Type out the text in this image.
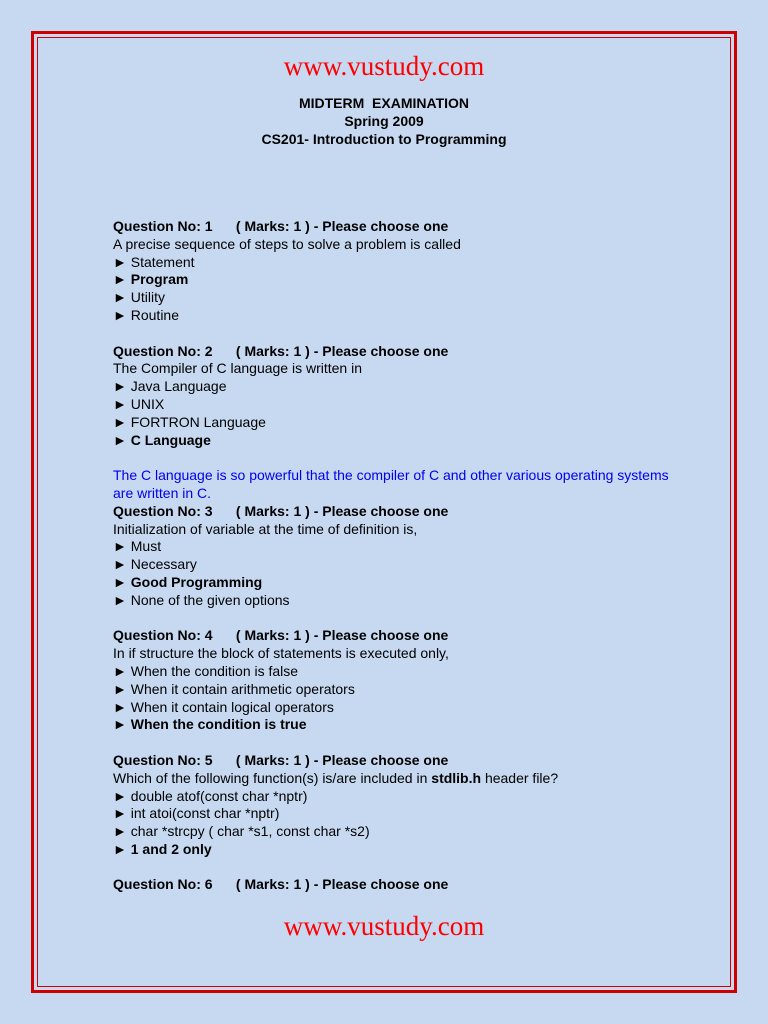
www.vustudy.com
MIDTERM  EXAMINATION
Spring 2009
CS201- Introduction to Programming
Question No: 1      ( Marks: 1 ) - Please choose one
A precise sequence of steps to solve a problem is called
► Statement
► Program
► Utility
► Routine
Question No: 2      ( Marks: 1 ) - Please choose one
The Compiler of C language is written in
► Java Language
► UNIX
► FORTRON Language
► C Language
The C language is so powerful that the compiler of C and other various operating systems are written in C.
Question No: 3      ( Marks: 1 ) - Please choose one
Initialization of variable at the time of definition is,
► Must
► Necessary
► Good Programming
► None of the given options
Question No: 4      ( Marks: 1 ) - Please choose one
In if structure the block of statements is executed only,
► When the condition is false
► When it contain arithmetic operators
► When it contain logical operators
► When the condition is true
Question No: 5      ( Marks: 1 ) - Please choose one
Which of the following function(s) is/are included in stdlib.h header file?
► double atof(const char *nptr)
► int atoi(const char *nptr)
► char *strcpy ( char *s1, const char *s2)
► 1 and 2 only
Question No: 6      ( Marks: 1 ) - Please choose one
www.vustudy.com
